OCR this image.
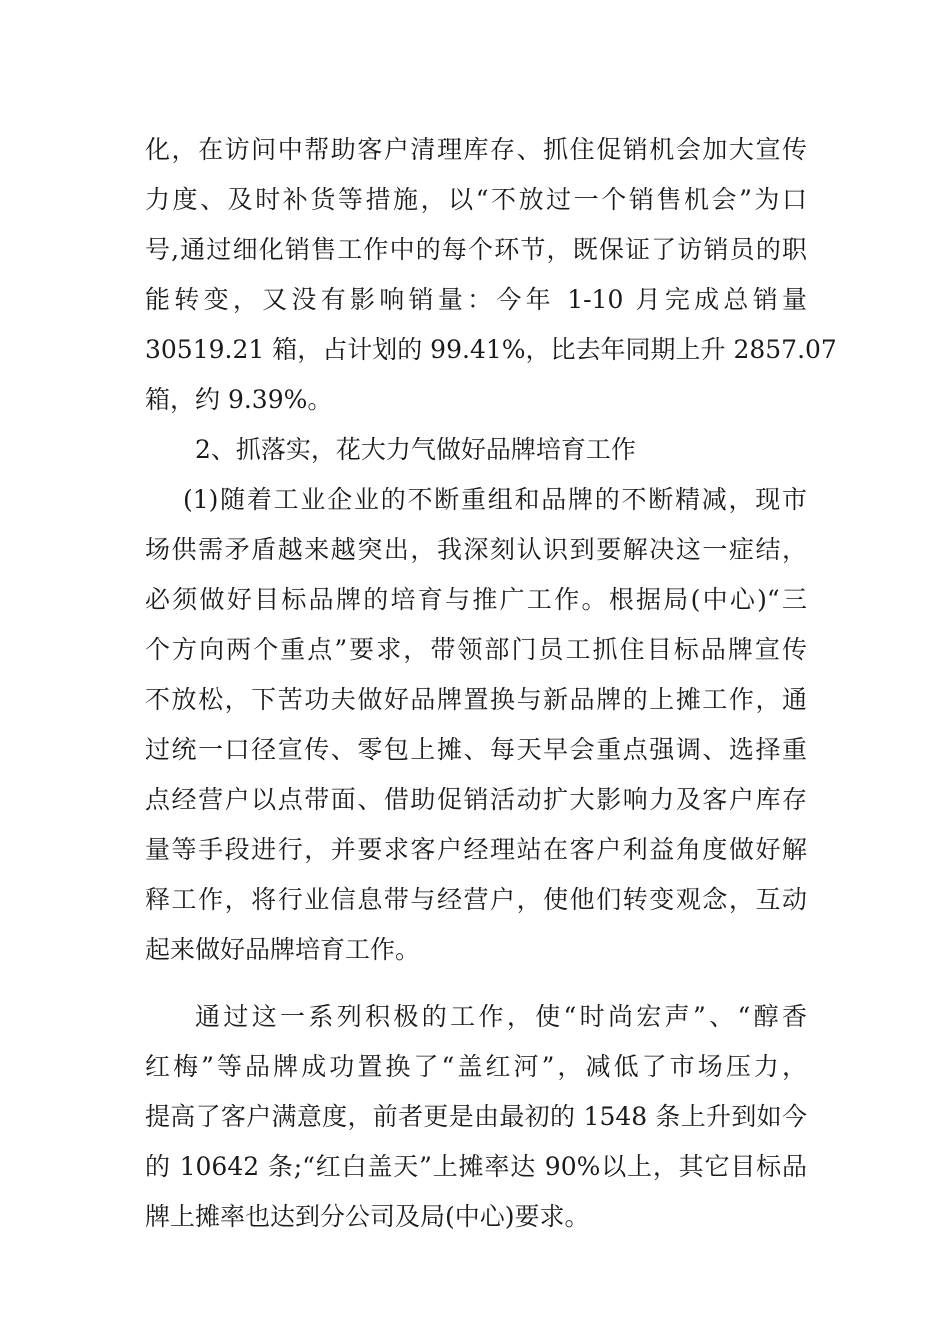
化，在访问中帮助客户清理库存、抓住促销机会加大宣传
力度、及时补货等措施，以“不放过一个销售机会”为口
号,通过细化销售工作中的每个环节，既保证了访销员的职
能转变，又没有影响销量：今年 1-10 月完成总销量
30519.21 箱，占计划的 99.41%，比去年同期上升 2857.07
箱，约 9.39%。
2、抓落实，花大力气做好品牌培育工作
(1)随着工业企业的不断重组和品牌的不断精减，现市
场供需矛盾越来越突出，我深刻认识到要解决这一症结，
必须做好目标品牌的培育与推广工作。根据局(中心)“三
个方向两个重点”要求，带领部门员工抓住目标品牌宣传
不放松，下苦功夫做好品牌置换与新品牌的上摊工作，通
过统一口径宣传、零包上摊、每天早会重点强调、选择重
点经营户以点带面、借助促销活动扩大影响力及客户库存
量等手段进行，并要求客户经理站在客户利益角度做好解
释工作，将行业信息带与经营户，使他们转变观念，互动
起来做好品牌培育工作。
通过这一系列积极的工作，使“时尚宏声”、“醇香
红梅”等品牌成功置换了“盖红河”，减低了市场压力，
提高了客户满意度，前者更是由最初的 1548 条上升到如今
的 10642 条;“红白盖天”上摊率达 90%以上，其它目标品
牌上摊率也达到分公司及局(中心)要求。
